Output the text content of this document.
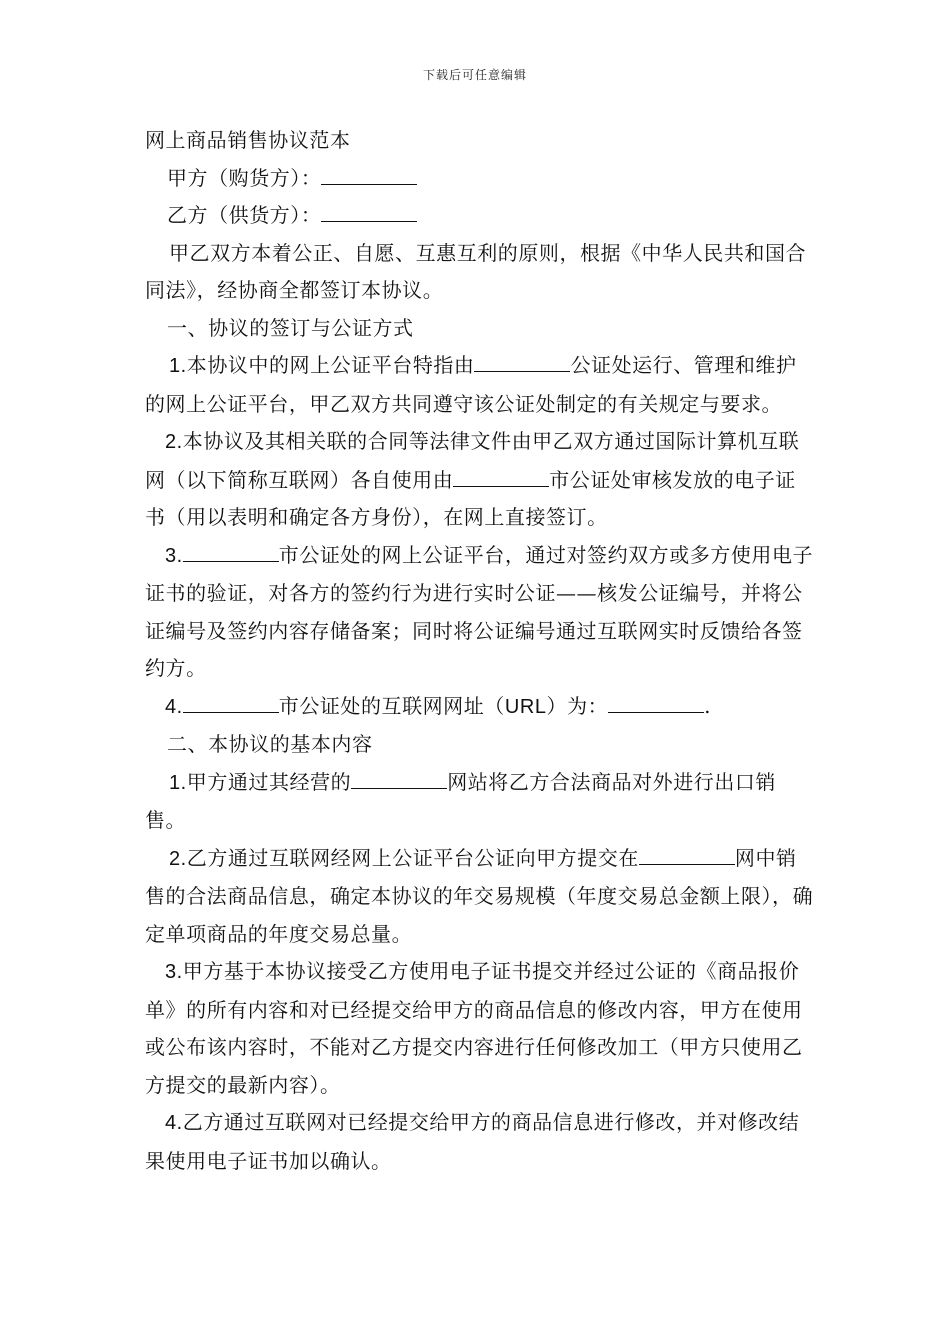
下载后可任意编辑

网上商品销售协议范本

甲方（购货方）：

乙方（供货方）：

甲乙双方本着公正、自愿、互惠互利的原则，根据《中华人民共和国合同法》，经协商全都签订本协议。

一、协议的签订与公证方式

1.本协议中的网上公证平台特指由	公证处运行、管理和维护的网上公证平台，甲乙双方共同遵守该公证处制定的有关规定与要求。

2.本协议及其相关联的合同等法律文件由甲乙双方通过国际计算机互联网（以下简称互联网）各自使用由	市公证处审核发放的电子证书（用以表明和确定各方身份），在网上直接签订。

3.	市公证处的网上公证平台，通过对签约双方或多方使用电子证书的验证，对各方的签约行为进行实时公证——核发公证编号，并将公证编号及签约内容存储备案；同时将公证编号通过互联网实时反馈给各签约方。

4.	市公证处的互联网网址（URL）为：	.

二、本协议的基本内容

1.甲方通过其经营的	网站将乙方合法商品对外进行出口销售。

2.乙方通过互联网经网上公证平台公证向甲方提交在	网中销售的合法商品信息，确定本协议的年交易规模（年度交易总金额上限），确定单项商品的年度交易总量。

3.甲方基于本协议接受乙方使用电子证书提交并经过公证的《商品报价单》的所有内容和对已经提交给甲方的商品信息的修改内容，甲方在使用或公布该内容时，不能对乙方提交内容进行任何修改加工（甲方只使用乙方提交的最新内容）。

4.乙方通过互联网对已经提交给甲方的商品信息进行修改，并对修改结果使用电子证书加以确认。
